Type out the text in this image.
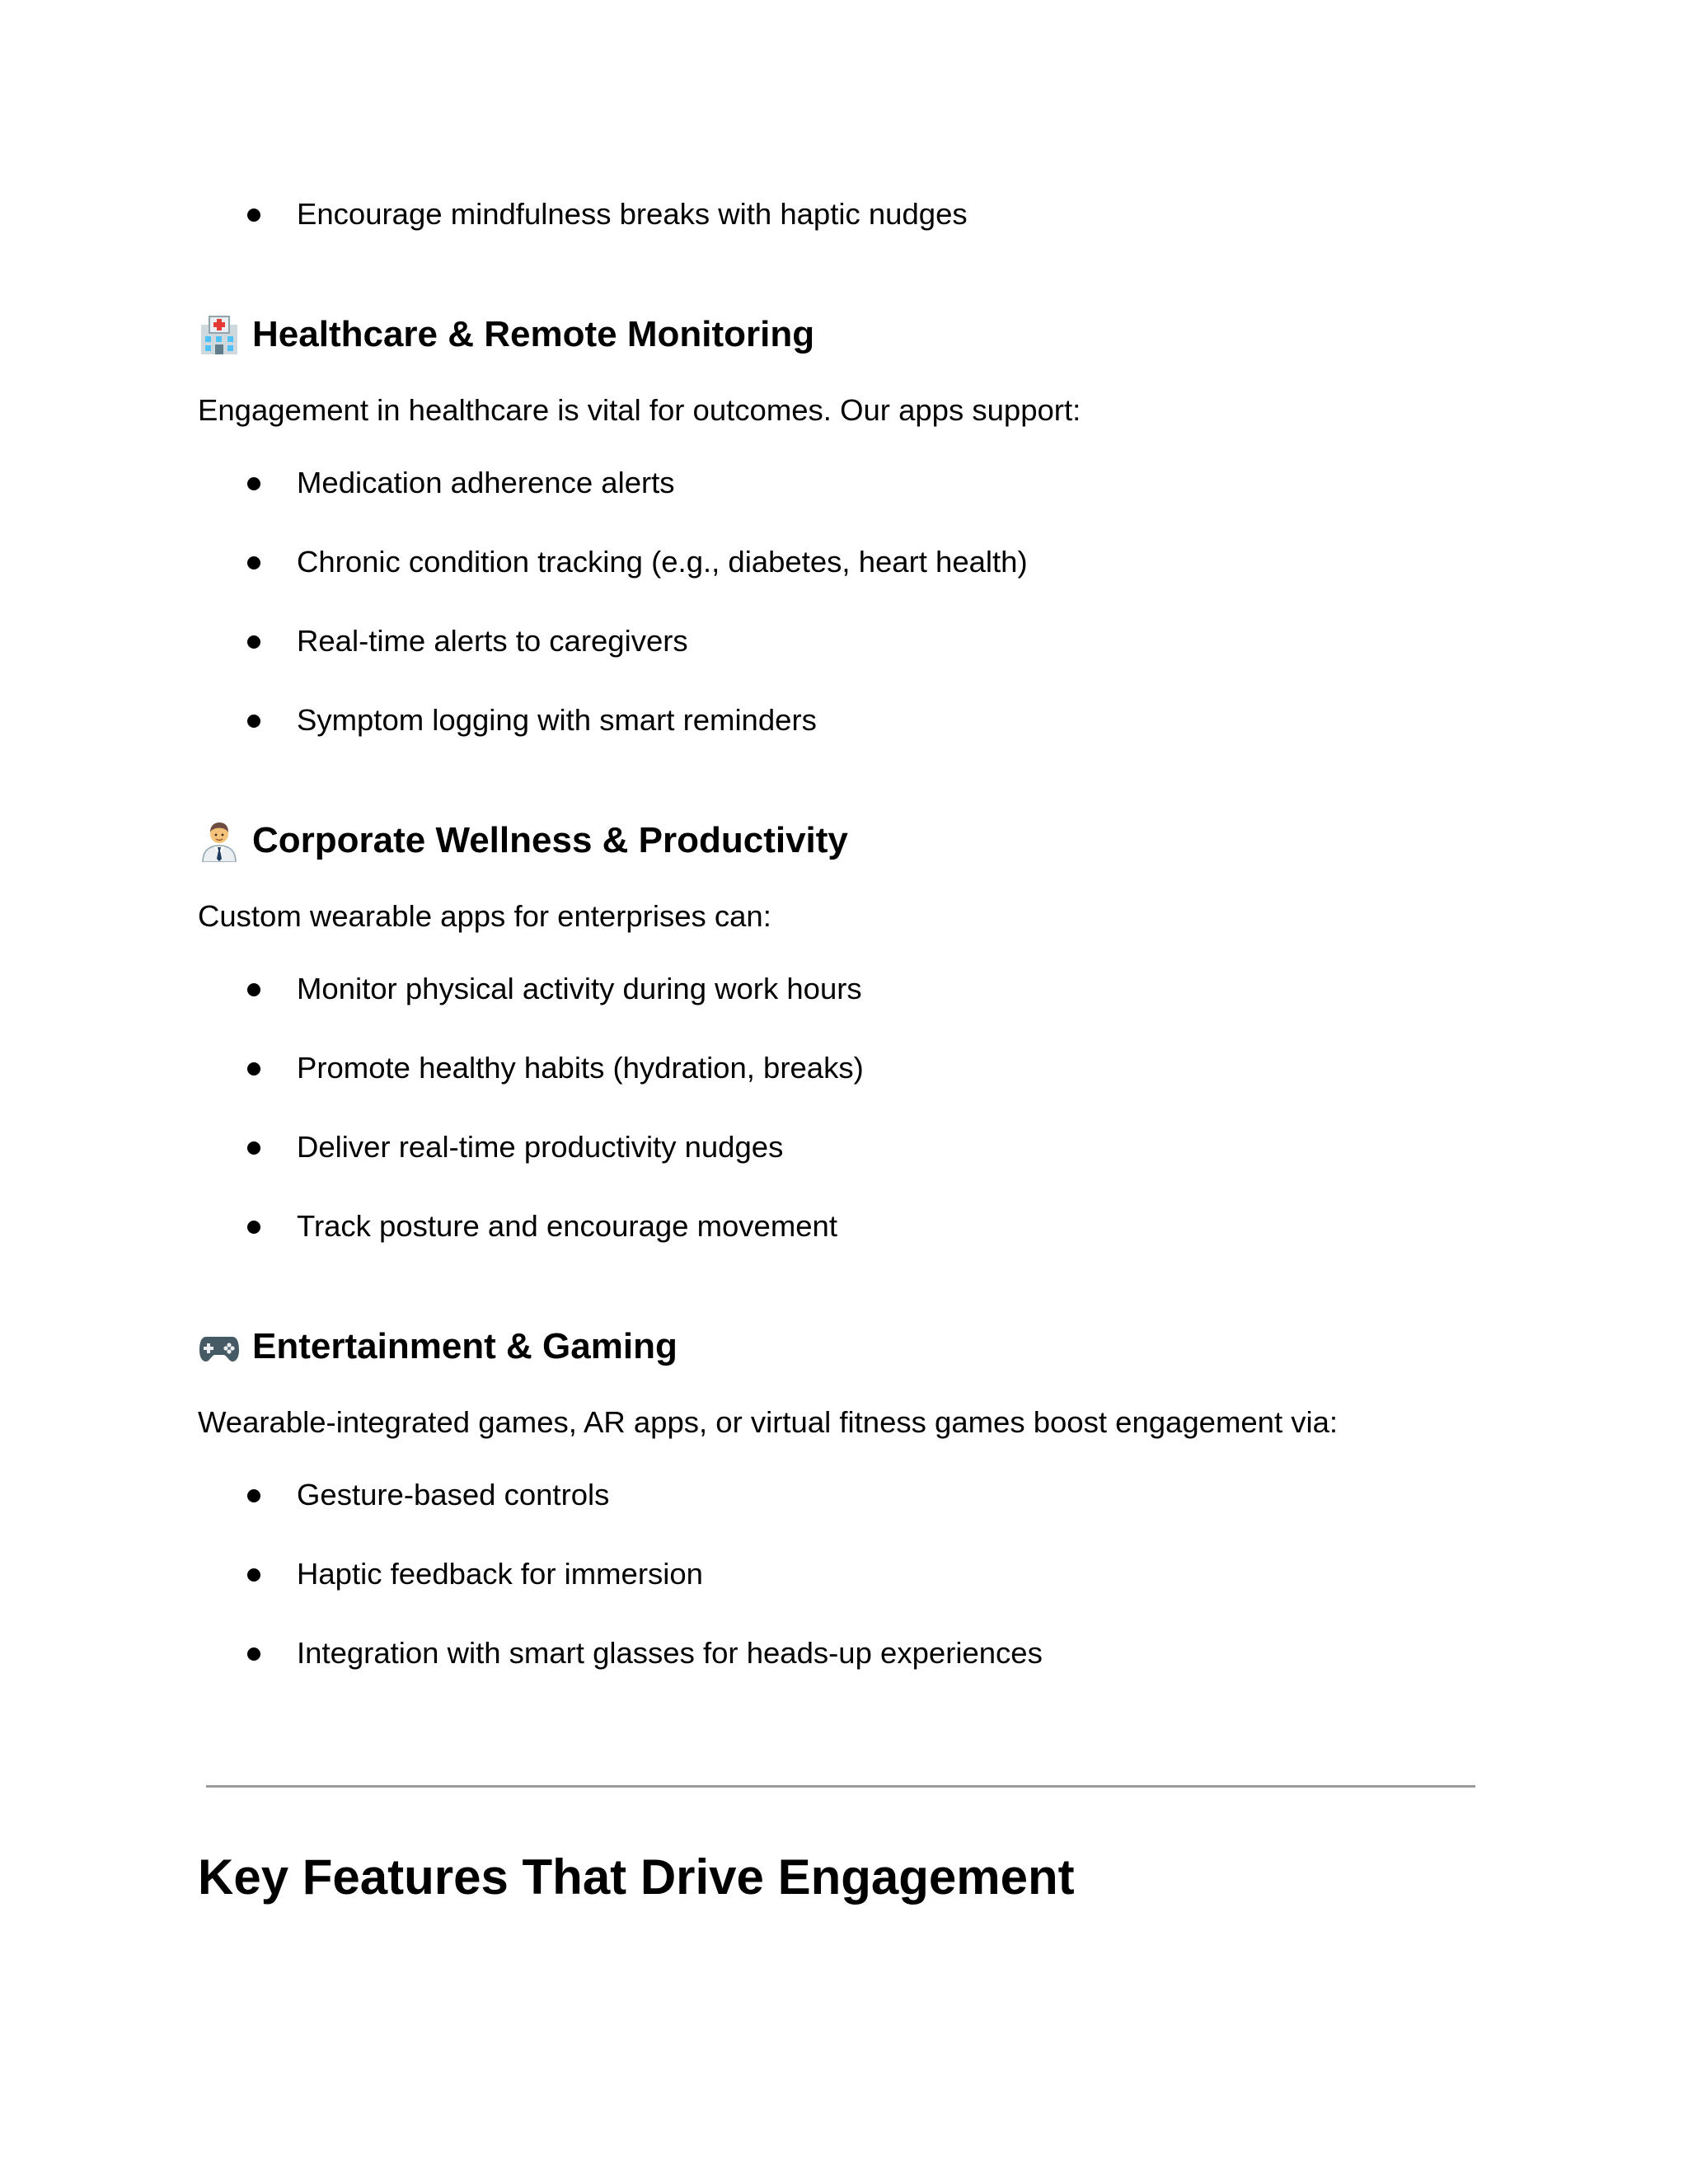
Encourage mindfulness breaks with haptic nudges
Healthcare & Remote Monitoring
Engagement in healthcare is vital for outcomes. Our apps support:
Medication adherence alerts
Chronic condition tracking (e.g., diabetes, heart health)
Real-time alerts to caregivers
Symptom logging with smart reminders
Corporate Wellness & Productivity
Custom wearable apps for enterprises can:
Monitor physical activity during work hours
Promote healthy habits (hydration, breaks)
Deliver real-time productivity nudges
Track posture and encourage movement
Entertainment & Gaming
Wearable-integrated games, AR apps, or virtual fitness games boost engagement via:
Gesture-based controls
Haptic feedback for immersion
Integration with smart glasses for heads-up experiences
Key Features That Drive Engagement
